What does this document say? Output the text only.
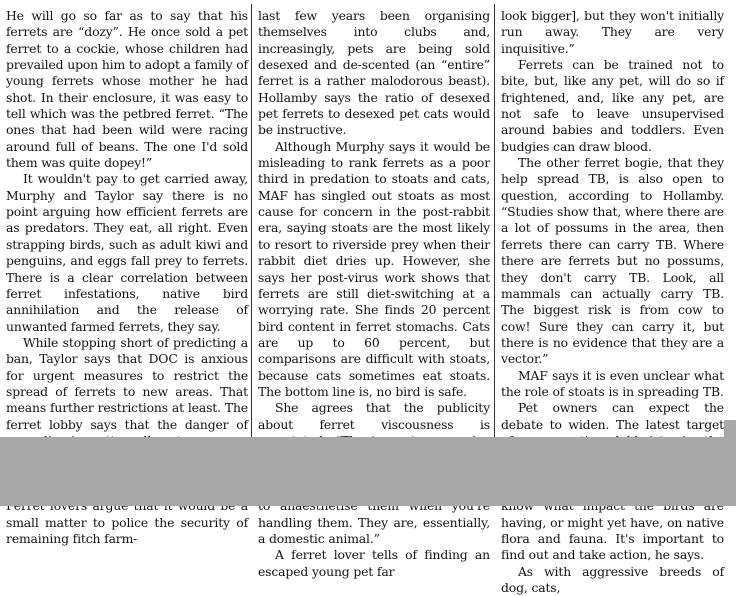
He will go so far as to say that his ferrets are “dozy”. He once sold a pet ferret to a cockie, whose children had prevailed upon him to adopt a family of young ferrets whose mother he had shot. In their enclosure, it was easy to tell which was the petbred ferret. “The ones that had been wild were racing around full of beans. The one I'd sold them was quite dopey!”

It wouldn't pay to get carried away, Murphy and Taylor say there is no point arguing how efficient ferrets are as predators. They eat, all right. Even strapping birds, such as adult kiwi and penguins, and eggs fall prey to ferrets. There is a clear correlation between ferret infestations, native bird annihilation and the release of unwanted farmed ferrets, they say.

While stopping short of predicting a ban, Taylor says that DOC is anxious for urgent measures to restrict the spread of ferrets to new areas. That means further restrictions at least. The ferret lobby says that the danger of

small matter to police the security of remaining fitch farm-

last few years been organising themselves into clubs and, increasingly, pets are being sold desexed and de-scented (an “entire” ferret is a rather malodorous beast). Hollamby says the ratio of desexed pet ferrets to desexed pet cats would be instructive.

Although Murphy says it would be misleading to rank ferrets as a poor third in predation to stoats and cats, MAF has singled out stoats as most cause for concern in the post-rabbit era, saying stoats are the most likely to resort to riverside prey when their rabbit diet dries up. However, she says her post-virus work shows that ferrets are still diet-switching at a worrying rate. She finds 20 percent bird content in ferret stomachs. Cats are up to 60 percent, but comparisons are difficult with stoats, because cats sometimes eat stoats. The bottom line is, no bird is safe.

She agrees that the publicity about ferret viscousness is handling them. They are, essentially, a domestic animal.”

A ferret lover tells of finding an escaped young pet far

look bigger], but they won't initially run away. They are very inquisitive.”

Ferrets can be trained not to bite, but, like any pet, will do so if frightened, and, like any pet, are not safe to leave unsupervised around babies and toddlers. Even budgies can draw blood.

The other ferret bogie, that they help spread TB, is also open to question, according to Hollamby. “Studies show that, where there are a lot of possums in the area, then ferrets there can carry TB. Where there are ferrets but no possums, they don't carry TB. Look, all mammals can actually carry TB. The biggest risk is from cow to cow! Sure they can carry it, but there is no evidence that they are a vector.”

MAF says it is even unclear what the role of stoats is in spreading TB.

Pet owners can expect the debate to widen. The latest target having, or might yet have, on native flora and fauna. It's important to find out and take action, he says.

As with aggressive breeds of dog, cats,
